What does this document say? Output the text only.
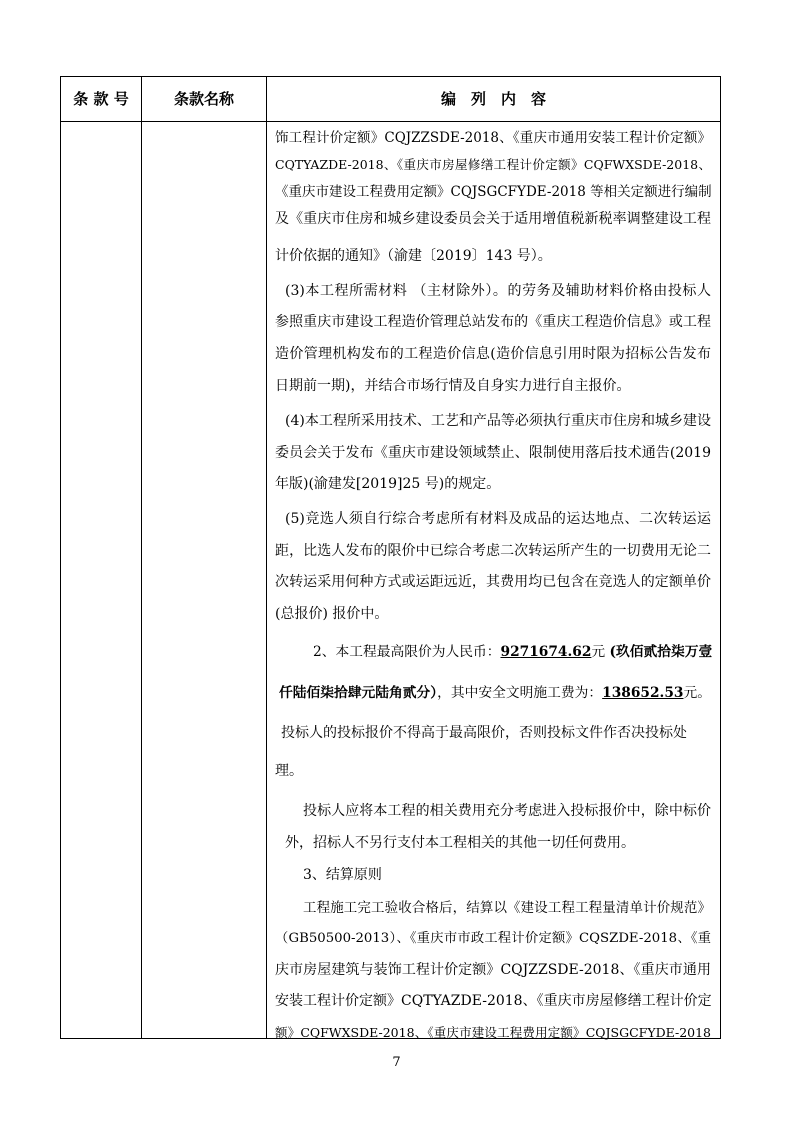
条 款 号	条款名称	编　列　内　容
饰工程计价定额》CQJZZSDE-2018、《重庆市通用安装工程计价定额》
CQTYAZDE-2018、《重庆市房屋修缮工程计价定额》CQFWXSDE-2018、
《重庆市建设工程费用定额》CQJSGCFYDE-2018 等相关定额进行编制
及《重庆市住房和城乡建设委员会关于适用增值税新税率调整建设工程
计价依据的通知》（渝建〔2019〕143 号）。
(3)本工程所需材料 （主材除外）。的劳务及辅助材料价格由投标人
参照重庆市建设工程造价管理总站发布的《重庆工程造价信息》或工程
造价管理机构发布的工程造价信息(造价信息引用时限为招标公告发布
日期前一期)，并结合市场行情及自身实力进行自主报价。
(4)本工程所采用技术、工艺和产品等必须执行重庆市住房和城乡建设
委员会关于发布《重庆市建设领域禁止、限制使用落后技术通告(2019
年版)(渝建发[2019]25 号)的规定。
(5)竞选人须自行综合考虑所有材料及成品的运达地点、二次转运运
距，比选人发布的限价中已综合考虑二次转运所产生的一切费用无论二
次转运采用何种方式或运距远近，其费用均已包含在竞选人的定额单价
(总报价) 报价中。
2、本工程最高限价为人民币：9271674.62元 (玖佰贰拾柒万壹
仟陆佰柒拾肆元陆角贰分），其中安全文明施工费为：138652.53元。
投标人的投标报价不得高于最高限价，否则投标文件作否决投标处
理。
投标人应将本工程的相关费用充分考虑进入投标报价中，除中标价
外，招标人不另行支付本工程相关的其他一切任何费用。
3、结算原则
工程施工完工验收合格后，结算以《建设工程工程量清单计价规范》
（GB50500-2013）、《重庆市市政工程计价定额》CQSZDE-2018、《重
庆市房屋建筑与装饰工程计价定额》CQJZZSDE-2018、《重庆市通用
安装工程计价定额》CQTYAZDE-2018、《重庆市房屋修缮工程计价定
额》CQFWXSDE-2018、《重庆市建设工程费用定额》CQJSGCFYDE-2018
7
